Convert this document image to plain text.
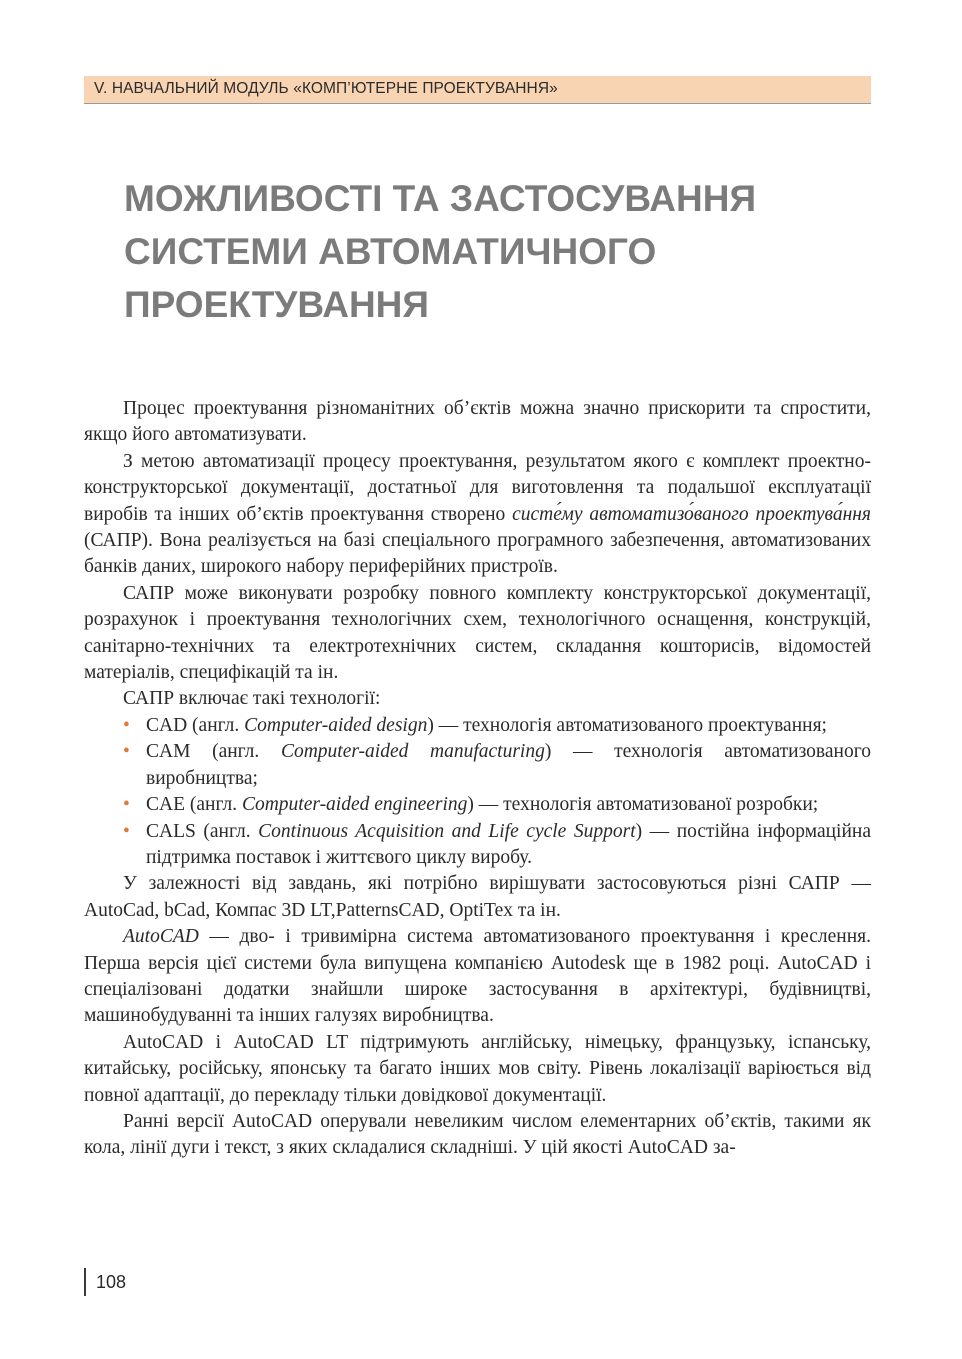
V. НАВЧАЛЬНИЙ МОДУЛЬ «КОМП’ЮТЕРНЕ ПРОЕКТУВАННЯ»
МОЖЛИВОСТІ ТА ЗАСТОСУВАННЯ
СИСТЕМИ АВТОМАТИЧНОГО
ПРОЕКТУВАННЯ

Процес проектування різноманітних об’єктів можна значно прискорити та спростити, якщо його автоматизувати.

З метою автоматизації процесу проектування, результатом якого є комплект проектно-конструкторської документації, достатньої для виготовлення та подальшої експлуатації виробів та інших об’єктів проектування створено систе́му автоматизо́ваного проектува́ння (САПР). Вона реалізується на базі спеціального програмного забезпечення, автоматизованих банків даних, широкого набору периферійних пристроїв.

САПР може виконувати розробку повного комплекту конструкторської документації, розрахунок і проектування технологічних схем, технологічного оснащення, конструкцій, санітарно-технічних та електротехнічних систем, складання кошторисів, відомостей матеріалів, специфікацій та ін.

САПР включає такі технології:

• CAD (англ. Computer-aided design) — технологія автоматизованого проектування;
• CAM (англ. Computer-aided manufacturing) — технологія автоматизованого виробництва;
• CAE (англ. Computer-aided engineering) — технологія автоматизованої розробки;
• CALS (англ. Continuous Acquisition and Life cycle Support) — постійна інформаційна підтримка поставок і життєвого циклу виробу.

У залежності від завдань, які потрібно вирішувати застосовуються різні САПР — AutoCad, bCad, Компас 3D LT,PatternsCAD, OptiTex та ін.

AutoCAD — дво- і тривимірна система автоматизованого проектування і креслення. Перша версія цієї системи була випущена компанією Autodesk ще в 1982 році. AutoCAD і спеціалізовані додатки знайшли широке застосування в архітектурі, будівництві, машинобудуванні та інших галузях виробництва.

AutoCAD і AutoCAD LT підтримують англійську, німецьку, французьку, іспанську, китайську, російську, японську та багато інших мов світу. Рівень локалізації варіюється від повної адаптації, до перекладу тільки довідкової документації.

Ранні версії AutoCAD оперували невеликим числом елементарних об’єктів, такими як кола, лінії дуги і текст, з яких складалися складніші. У цій якості AutoCAD за-

108
